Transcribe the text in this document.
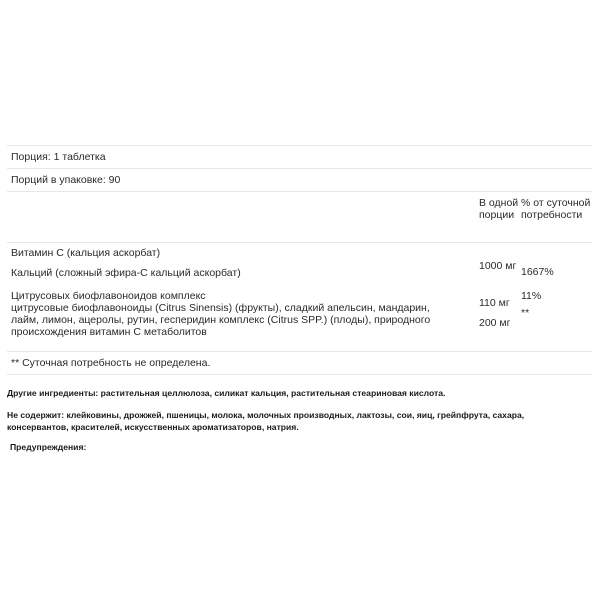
Порция: 1 таблетка
Порций в упаковке: 90
В одной порции
% от суточной потребности
Витамин С (кальция аскорбат)
Кальций (сложный эфира-С кальций аскорбат)
1000 мг 1667%
Цитрусовых биофлавоноидов комплекс
110 мг
11%
цитрусовые биофлавоноиды (Citrus Sinensis) (фрукты), сладкий апельсин, мандарин, лайм, лимон, ацеролы, рутин, гесперидин комплекс (Citrus SPP.) (плоды), природного происхождения витамин С метаболитов
200 мг
**
** Суточная потребность не определена.
Другие ингредиенты: растительная целлюлоза, силикат кальция, растительная стеариновая кислота.
Не содержит: клейковины, дрожжей, пшеницы, молока, молочных производных, лактозы, сои, яиц, грейпфрута, сахара, консервантов, красителей, искусственных ароматизаторов, натрия.
Предупреждения:
